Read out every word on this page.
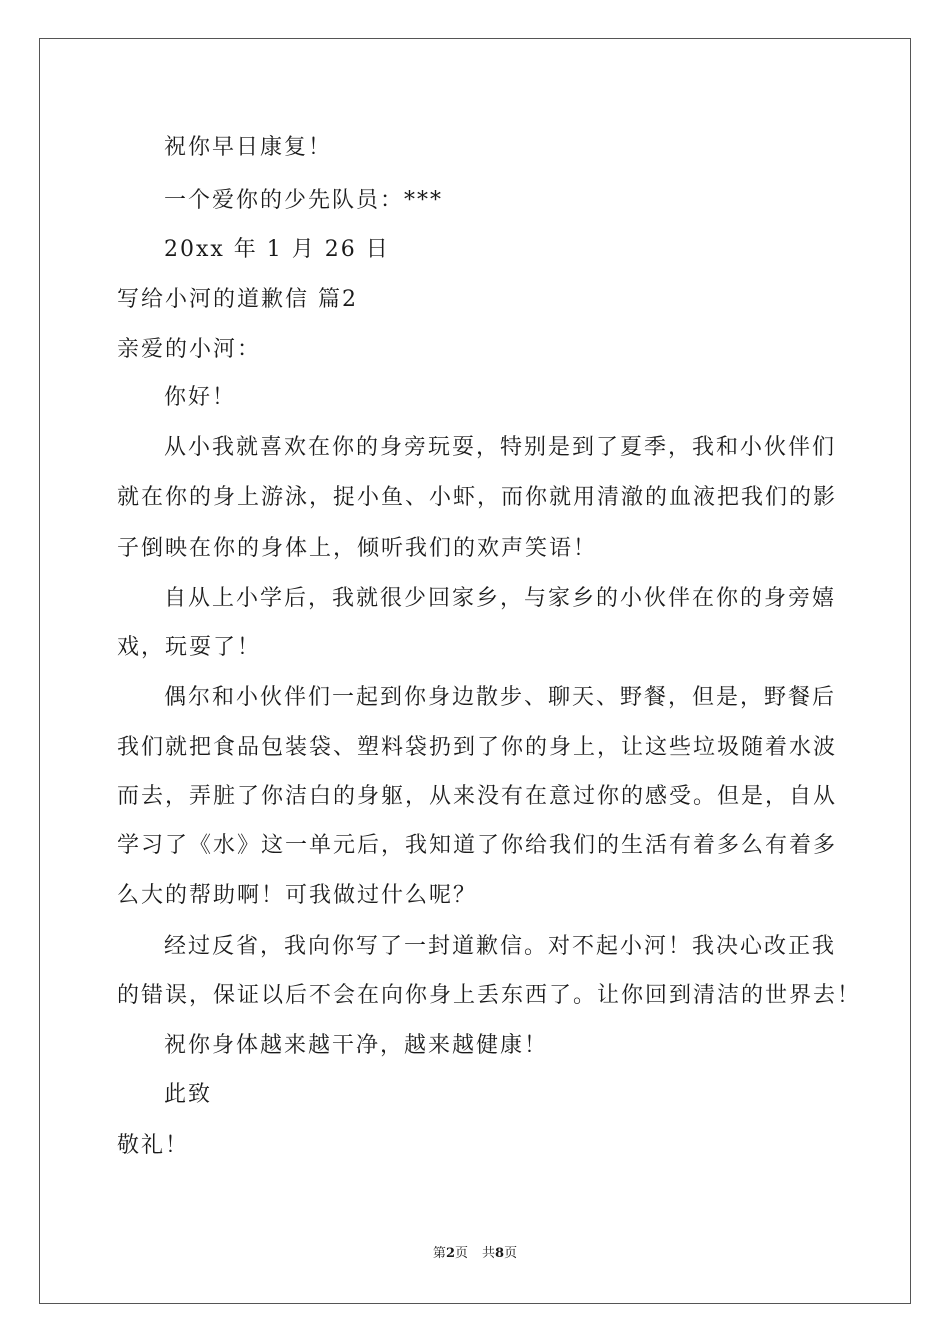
祝你早日康复！
一个爱你的少先队员：***
20xx 年 1 月 26 日
写给小河的道歉信 篇2
亲爱的小河：
你好！
从小我就喜欢在你的身旁玩耍，特别是到了夏季，我和小伙伴们
就在你的身上游泳，捉小鱼、小虾，而你就用清澈的血液把我们的影
子倒映在你的身体上，倾听我们的欢声笑语！
自从上小学后，我就很少回家乡，与家乡的小伙伴在你的身旁嬉
戏，玩耍了！
偶尔和小伙伴们一起到你身边散步、聊天、野餐，但是，野餐后
我们就把食品包装袋、塑料袋扔到了你的身上，让这些垃圾随着水波
而去，弄脏了你洁白的身躯，从来没有在意过你的感受。但是，自从
学习了《水》这一单元后，我知道了你给我们的生活有着多么有着多
么大的帮助啊！可我做过什么呢？
经过反省，我向你写了一封道歉信。对不起小河！我决心改正我
的错误，保证以后不会在向你身上丢东西了。让你回到清洁的世界去！
祝你身体越来越干净，越来越健康！
此致
敬礼！
第2页 共8页
